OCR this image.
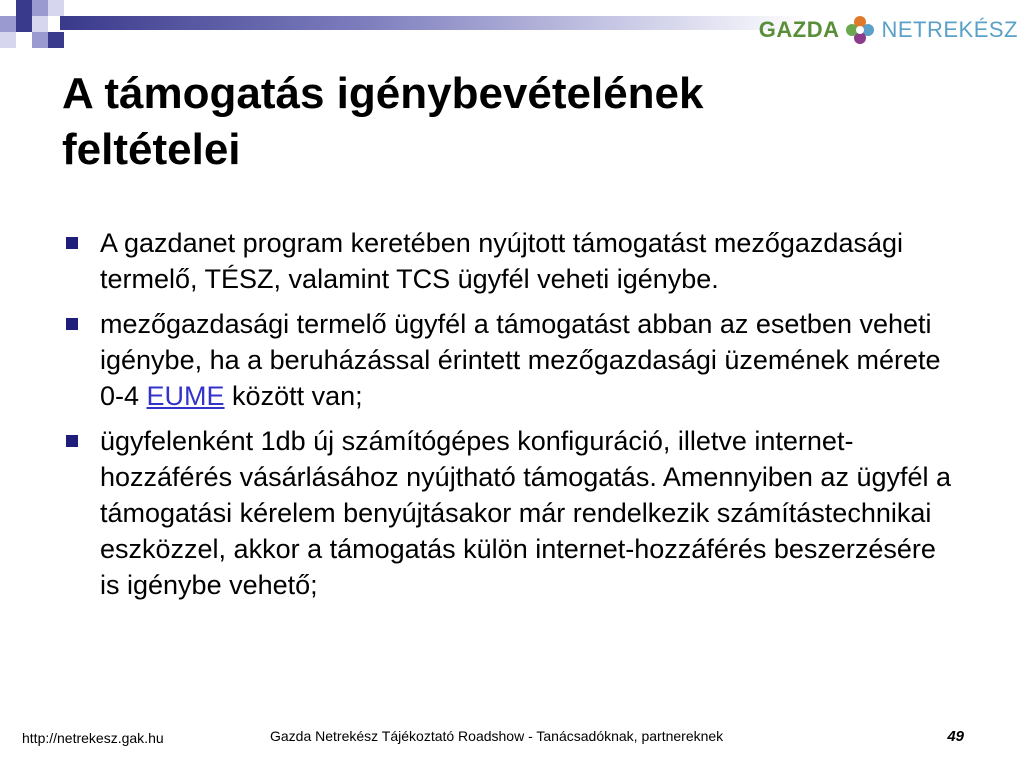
GAZDA NETREKÉSZ
A támogatás igénybevételének
feltételei
A gazdanet program keretében nyújtott támogatást mezőgazdasági termelő, TÉSZ, valamint TCS ügyfél veheti igénybe.
mezőgazdasági termelő ügyfél a támogatást abban az esetben veheti igénybe, ha a beruházással érintett mezőgazdasági üzemének mérete 0-4 EUME között van;
ügyfelenként 1db új számítógépes konfiguráció, illetve internet-hozzáférés vásárlásához nyújtható támogatás. Amennyiben az ügyfél a támogatási kérelem benyújtásakor már rendelkezik számítástechnikai eszközzel, akkor a támogatás külön internet-hozzáférés beszerzésére is igénybe vehető;
http://netrekesz.gak.hu	Gazda Netrekész Tájékoztató Roadshow - Tanácsadóknak, partnereknek	49
